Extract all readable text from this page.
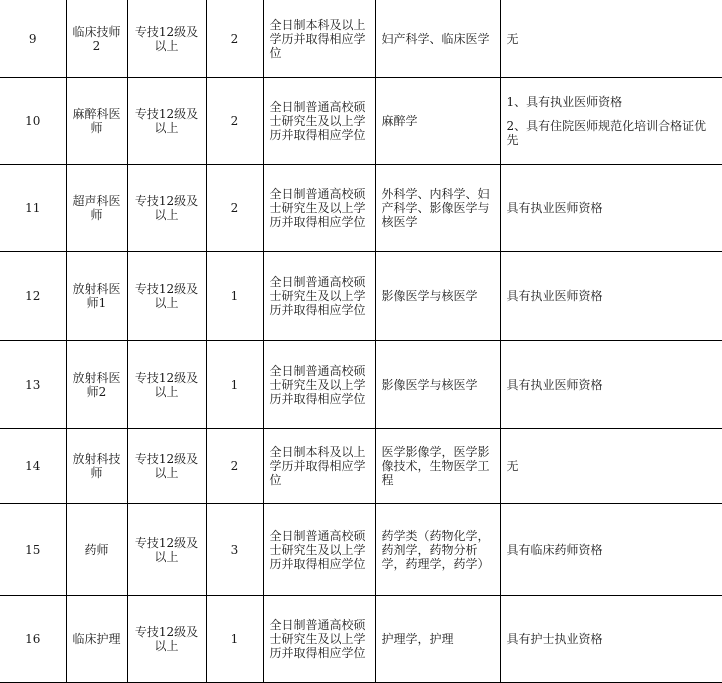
9	临床技师2	专技12级及以上	2	全日制本科及以上学历并取得相应学位	妇产科学、临床医学	无

10	麻醉科医师	专技12级及以上	2	全日制普通高校硕士研究生及以上学历并取得相应学位	麻醉学	1、具有执业医师资格
2、具有住院医师规范化培训合格证优先

11	超声科医师	专技12级及以上	2	全日制普通高校硕士研究生及以上学历并取得相应学位	外科学、内科学、妇产科学、影像医学与核医学	具有执业医师资格

12	放射科医师1	专技12级及以上	1	全日制普通高校硕士研究生及以上学历并取得相应学位	影像医学与核医学	具有执业医师资格

13	放射科医师2	专技12级及以上	1	全日制普通高校硕士研究生及以上学历并取得相应学位	影像医学与核医学	具有执业医师资格

14	放射科技师	专技12级及以上	2	全日制本科及以上学历并取得相应学位	医学影像学，医学影像技术，生物医学工程	无

15	药师	专技12级及以上	3	全日制普通高校硕士研究生及以上学历并取得相应学位	药学类（药物化学，药剂学，药物分析学，药理学，药学）	具有临床药师资格

16	临床护理	专技12级及以上	1	全日制普通高校硕士研究生及以上学历并取得相应学位	护理学，护理	具有护士执业资格
